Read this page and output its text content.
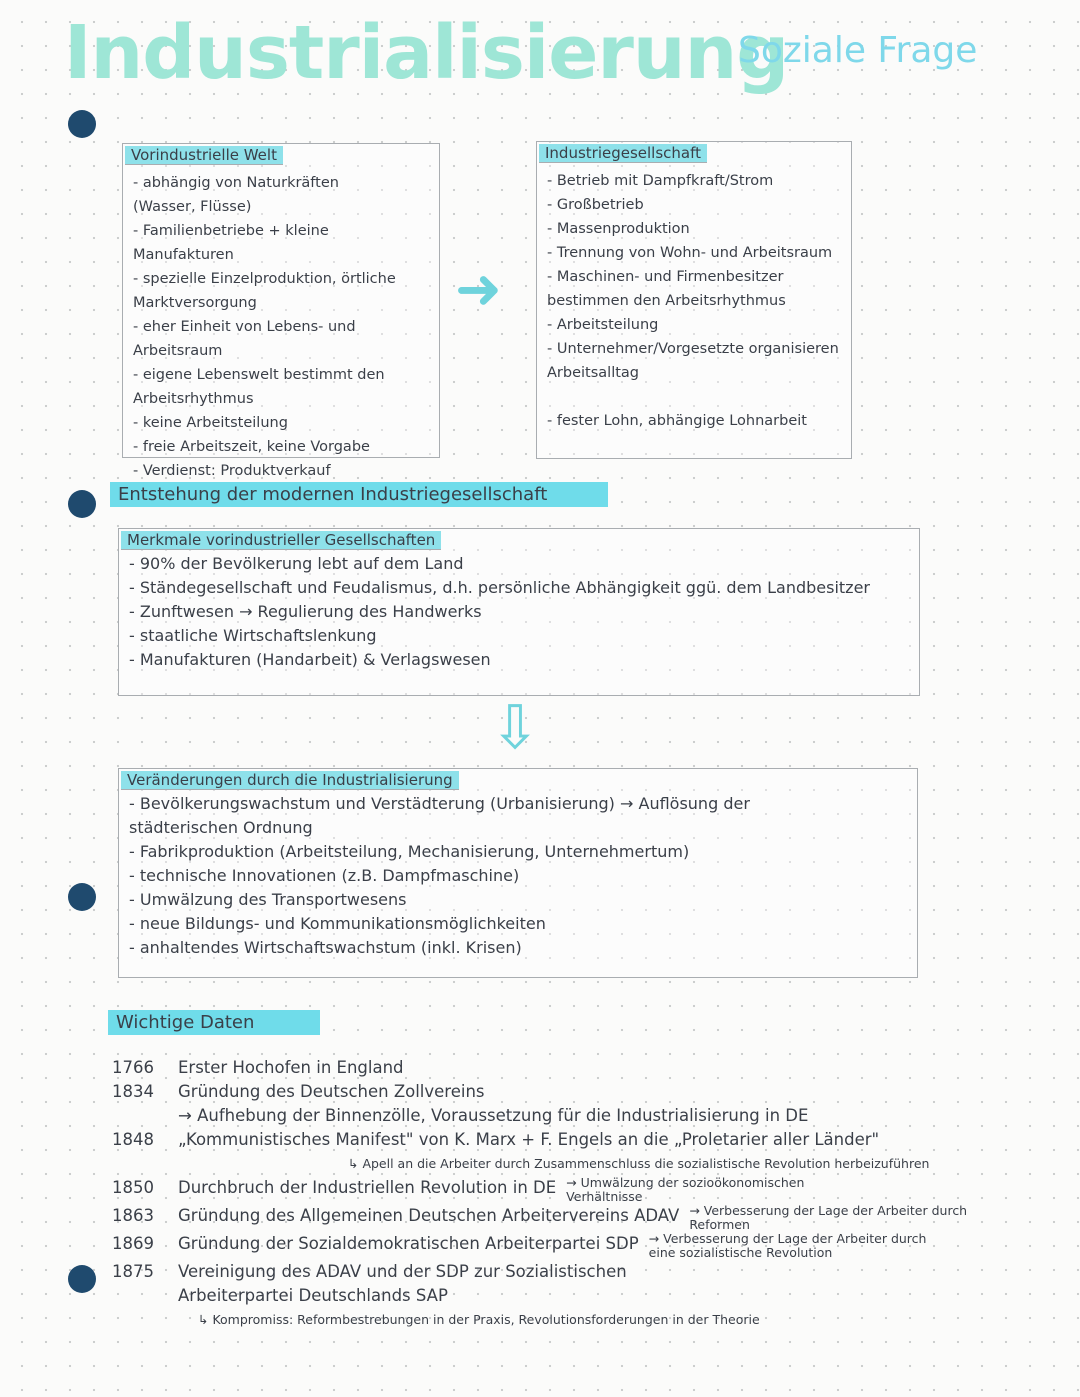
Industrialisierung
Soziale Frage
Vorindustrielle Welt
- abhängig von Naturkräften
(Wasser, Flüsse)
- Familienbetriebe + kleine Manufakturen
- spezielle Einzelproduktion, örtliche
Marktversorgung
- eher Einheit von Lebens- und Arbeitsraum
- eigene Lebenswelt bestimmt den
Arbeitsrhythmus
- keine Arbeitsteilung
- freie Arbeitszeit, keine Vorgabe
- Verdienst: Produktverkauf
➜
Industriegesellschaft
- Betrieb mit Dampfkraft/Strom
- Großbetrieb
- Massenproduktion
- Trennung von Wohn- und Arbeitsraum
- Maschinen- und Firmenbesitzer
bestimmen den Arbeitsrhythmus
- Arbeitsteilung
- Unternehmer/Vorgesetzte organisieren
Arbeitsalltag

- fester Lohn, abhängige Lohnarbeit
Entstehung der modernen Industriegesellschaft
Merkmale vorindustrieller Gesellschaften
- 90% der Bevölkerung lebt auf dem Land
- Ständegesellschaft und Feudalismus, d.h. persönliche Abhängigkeit ggü. dem Landbesitzer
- Zunftwesen → Regulierung des Handwerks
- staatliche Wirtschaftslenkung
- Manufakturen (Handarbeit) & Verlagswesen
⇩
Veränderungen durch die Industrialisierung
- Bevölkerungswachstum und Verstädterung (Urbanisierung) → Auflösung der
städterischen Ordnung
- Fabrikproduktion (Arbeitsteilung, Mechanisierung, Unternehmertum)
- technische Innovationen (z.B. Dampfmaschine)
- Umwälzung des Transportwesens
- neue Bildungs- und Kommunikationsmöglichkeiten
- anhaltendes Wirtschaftswachstum (inkl. Krisen)
Wichtige Daten
1766	Erster Hochofen in England
1834	Gründung des Deutschen Zollvereins
→ Aufhebung der Binnenzölle, Voraussetzung für die Industrialisierung in DE
1848	„Kommunistisches Manifest" von K. Marx + F. Engels an die „Proletarier aller Länder"
↳ Apell an die Arbeiter durch Zusammenschluss die sozialistische Revolution herbeizuführen
1850	Durchbruch der Industriellen Revolution in DE → Umwälzung der sozioökonomischen Verhältnisse
1863	Gründung des Allgemeinen Deutschen Arbeitervereins ADAV → Verbesserung der Lage der Arbeiter durch Reformen
1869	Gründung der Sozialdemokratischen Arbeiterpartei SDP → Verbesserung der Lage der Arbeiter durch eine sozialistische Revolution
1875	Vereinigung des ADAV und der SDP zur Sozialistischen
Arbeiterpartei Deutschlands SAP
↳ Kompromiss: Reformbestrebungen in der Praxis, Revolutionsforderungen in der Theorie
